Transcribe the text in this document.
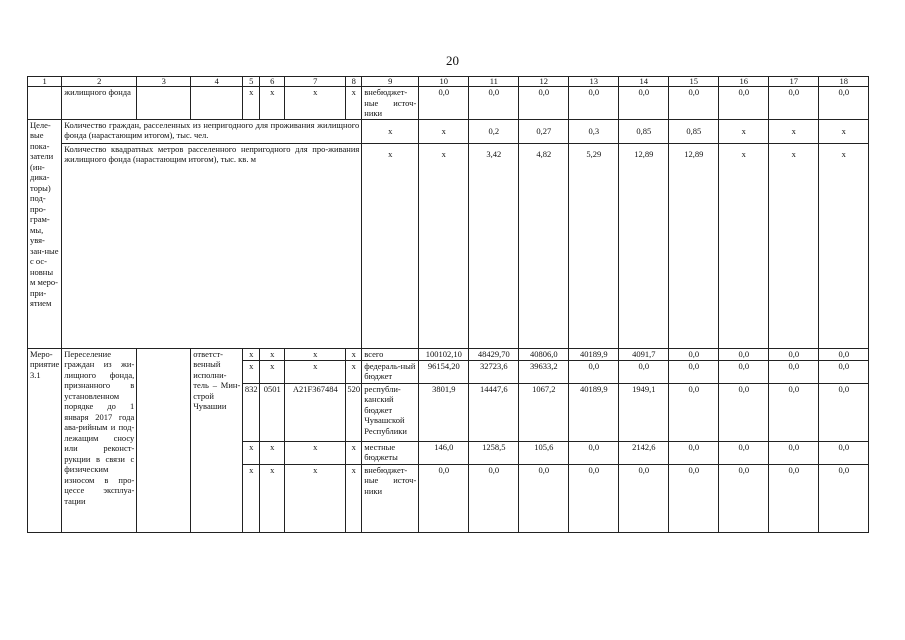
20
1	2	3	4	5	6	7	8	9	10	11	12	13	14	15	16	17	18
	жилищного фонда			x	x	x	x	внебюджет-ные источ-ники	0,0	0,0	0,0	0,0	0,0	0,0	0,0	0,0	0,0
Целе-вые пока-затели (ин-дика-торы) под-про-грам-мы, увя-зан-ные с ос-новны м меро-при-ятием	Количество граждан, расселенных из непригодного для проживания жилищного фонда (нарастающим итогом), тыс. чел.							x	x	0,2	0,27	0,3	0,85	0,85	x	x	x
	Количество квадратных метров расселенного непригодного для про-живания жилищного фонда (нарастающим итогом), тыс. кв. м							x	x	3,42	4,82	5,29	12,89	12,89	x	x	x
Меро-приятие 3.1	Переселение граждан из жи-лищного фонда, признанного в установленном порядке до 1 января 2017 года ава-рийным и под-лежащим сносу или реконст-рукции в связи с физическим износом в про-цессе эксплуа-тации		ответст-венный исполни-тель – Мин-строй Чувашии	x	x	x	x	всего	100102,10	48429,70	40806,0	40189,9	4091,7	0,0	0,0	0,0	0,0
				x	x	x	x	федераль-ный бюджет	96154,20	32723,6	39633,2	0,0	0,0	0,0	0,0	0,0	0,0
				832	0501	A21F367484	520	республи-канский бюджет Чувашской Республики	3801,9	14447,6	1067,2	40189,9	1949,1	0,0	0,0	0,0	0,0
				x	x	x	x	местные бюджеты	146,0	1258,5	105,6	0,0	2142,6	0,0	0,0	0,0	0,0
				x	x	x	x	внебюджет-ные источ-ники	0,0	0,0	0,0	0,0	0,0	0,0	0,0	0,0	0,0
